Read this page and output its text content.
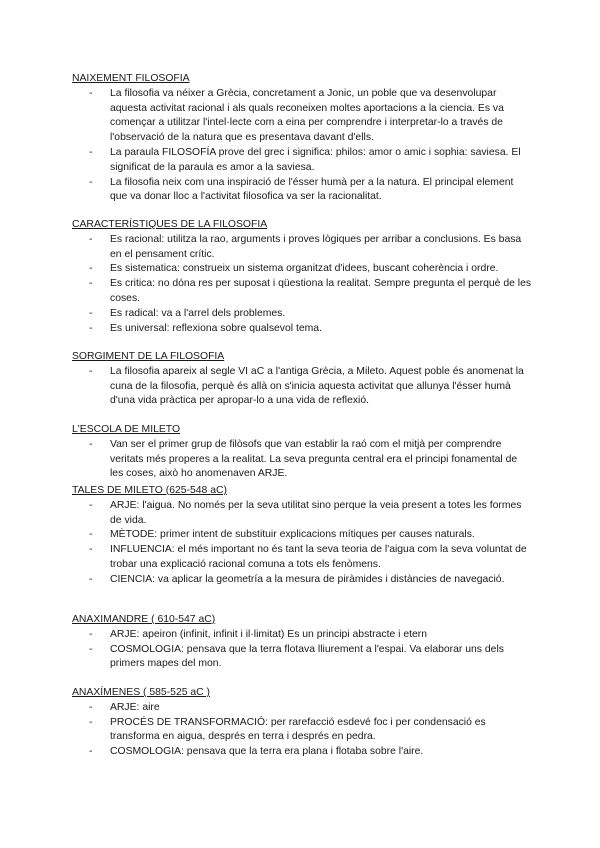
NAIXEMENT FILOSOFIA
- La filosofia va néixer a Grècia, concretament a Jonic, un poble que va desenvolupar aquesta activitat racional i als quals reconeixen moltes aportacions a la ciencia. Es va començar a utilitzar l'intel·lecte com a eina per comprendre i interpretar-lo a través de l'observació de la natura que es presentava davant d'ells.
- La paraula FILOSOFÍA prove del grec i significa: philos: amor o amic i sophia: saviesa. El significat de la paraula es amor a la saviesa.
- La filosofia neix com una inspiració de l'ésser humà per a la natura. El principal element que va donar lloc a l'activitat filosofica va ser la racionalitat.
CARACTERÍSTIQUES DE LA FILOSOFIA
- Es racional: utilitza la rao, arguments i proves lògiques per arribar a conclusions. Es basa en el pensament crític.
- Es sistematica: construeix un sistema organitzat d'idees, buscant coherència i ordre.
- Es critica: no dóna res per suposat i qüestiona la realitat. Sempre pregunta el perquè de les coses.
- Es radical: va a l'arrel dels problemes.
- Es universal: reflexiona sobre qualsevol tema.
SORGIMENT DE LA FILOSOFIA
- La filosofia apareix al segle VI aC a l'antiga Grècia, a Mileto. Aquest poble és anomenat la cuna de la filosofia, perquè és allà on s'inicia aquesta activitat que allunya l'ésser humà d'una vida pràctica per apropar-lo a una vida de reflexió.
L'ESCOLA DE MILETO
- Van ser el primer grup de filòsofs que van establir la raó com el mitjà per comprendre veritats més properes a la realitat. La seva pregunta central era el principi fonamental de les coses, això ho anomenaven ARJE.
TALES DE MILETO (625-548 aC)
- ARJE: l'aigua. No només per la seva utilitat sino perque la veia present a totes les formes de vida.
- MÈTODE: primer intent de substituir explicacions mítiques per causes naturals.
- INFLUENCIA: el més important no és tant la seva teoria de l'aigua com la seva voluntat de trobar una explicació racional comuna a tots els fenòmens.
- CIENCIA: va aplicar la geometría a la mesura de piràmides i distàncies de navegació.
ANAXIMANDRE ( 610-547 aC)
- ARJE: apeiron (infinit, infinit i il·limitat) Es un principi abstracte i etern
- COSMOLOGIA: pensava que la terra flotava lliurement a l'espai. Va elaborar uns dels primers mapes del mon.
ANAXÍMENES ( 585-525 aC )
- ARJE: aire
- PROCÉS DE TRANSFORMACIÓ: per rarefacció esdevé foc i per condensació es transforma en aigua, després en terra i després en pedra.
- COSMOLOGIA: pensava que la terra era plana i flotaba sobre l'aire.
